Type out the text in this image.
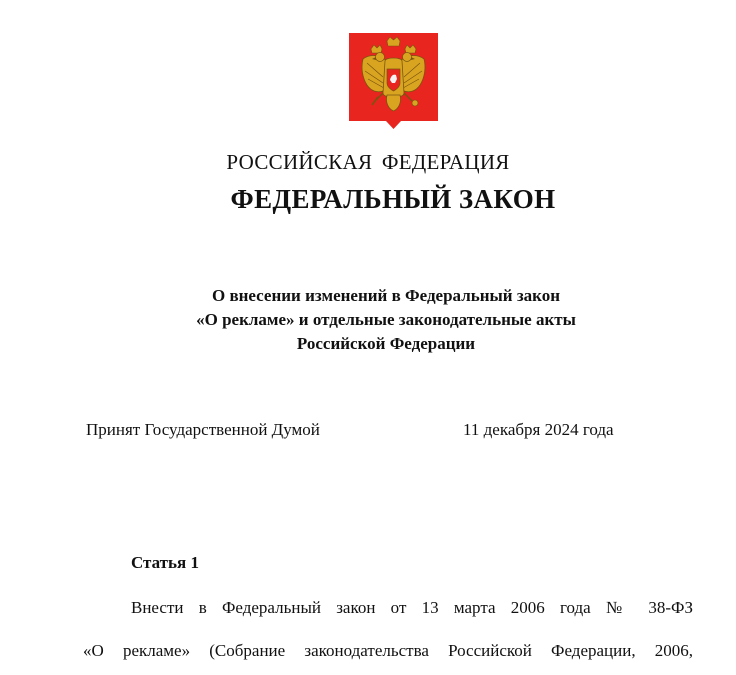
РОССИЙСКАЯ ФЕДЕРАЦИЯ
ФЕДЕРАЛЬНЫЙ ЗАКОН
О внесении изменений в Федеральный закон
«О рекламе» и отдельные законодательные акты
Российской Федерации
Принят Государственной Думой	11 декабря 2024 года
Статья 1
Внести в Федеральный закон от 13 марта 2006 года № 38-ФЗ
«О рекламе» (Собрание законодательства Российской Федерации, 2006,
